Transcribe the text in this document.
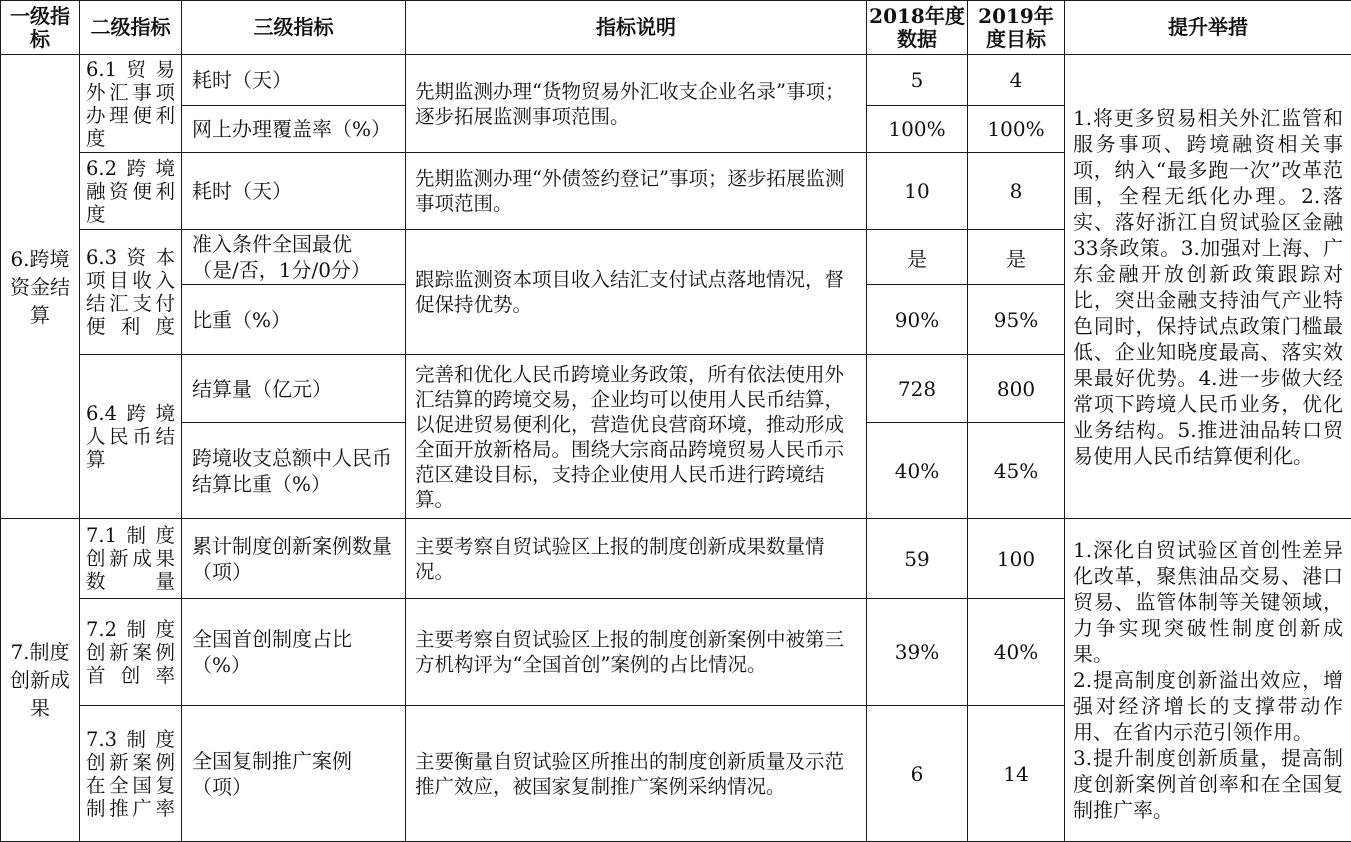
一级指标	二级指标	三级指标	指标说明	2018年度数据	2019年度目标	提升举措
6.跨境资金结算	6.1贸易外汇事项办理便利度	耗时（天）	先期监测办理“货物贸易外汇收支企业名录”事项；逐步拓展监测事项范围。	5	4	1.将更多贸易相关外汇监管和服务事项、跨境融资相关事项，纳入“最多跑一次”改革范围，全程无纸化办理。2.落实、落好浙江自贸试验区金融33条政策。3.加强对上海、广东金融开放创新政策跟踪对比，突出金融支持油气产业特色同时，保持试点政策门槛最低、企业知晓度最高、落实效果最好优势。4.进一步做大经常项下跨境人民币业务，优化业务结构。5.推进油品转口贸易使用人民币结算便利化。
		网上办理覆盖率（%）		100%	100%	
	6.2跨境融资便利度	耗时（天）	先期监测办理“外债签约登记”事项；逐步拓展监测事项范围。	10	8	
	6.3资本项目收入结汇支付便利度	准入条件全国最优（是/否，1分/0分）	跟踪监测资本项目收入结汇支付试点落地情况，督促保持优势。	是	是	
		比重（%）		90%	95%	
	6.4跨境人民币结算	结算量（亿元）	完善和优化人民币跨境业务政策，所有依法使用外汇结算的跨境交易，企业均可以使用人民币结算，以促进贸易便利化，营造优良营商环境，推动形成全面开放新格局。围绕大宗商品跨境贸易人民币示范区建设目标，支持企业使用人民币进行跨境结算。	728	800	
		跨境收支总额中人民币结算比重（%）		40%	45%	

7.制度创新成果	7.1制度创新成果数量	累计制度创新案例数量（项）	主要考察自贸试验区上报的制度创新成果数量情况。	59	100	1.深化自贸试验区首创性差异化改革，聚焦油品交易、港口贸易、监管体制等关键领域，力争实现突破性制度创新成果。
2.提高制度创新溢出效应，增强对经济增长的支撑带动作用、在省内示范引领作用。
3.提升制度创新质量，提高制度创新案例首创率和在全国复制推广率。
	7.2制度创新案例首创率	全国首创制度占比（%）	主要考察自贸试验区上报的制度创新案例中被第三方机构评为“全国首创”案例的占比情况。	39%	40%	
	7.3制度创新案例在全国复制推广率	全国复制推广案例（项）	主要衡量自贸试验区所推出的制度创新质量及示范推广效应，被国家复制推广案例采纳情况。	6	14	
